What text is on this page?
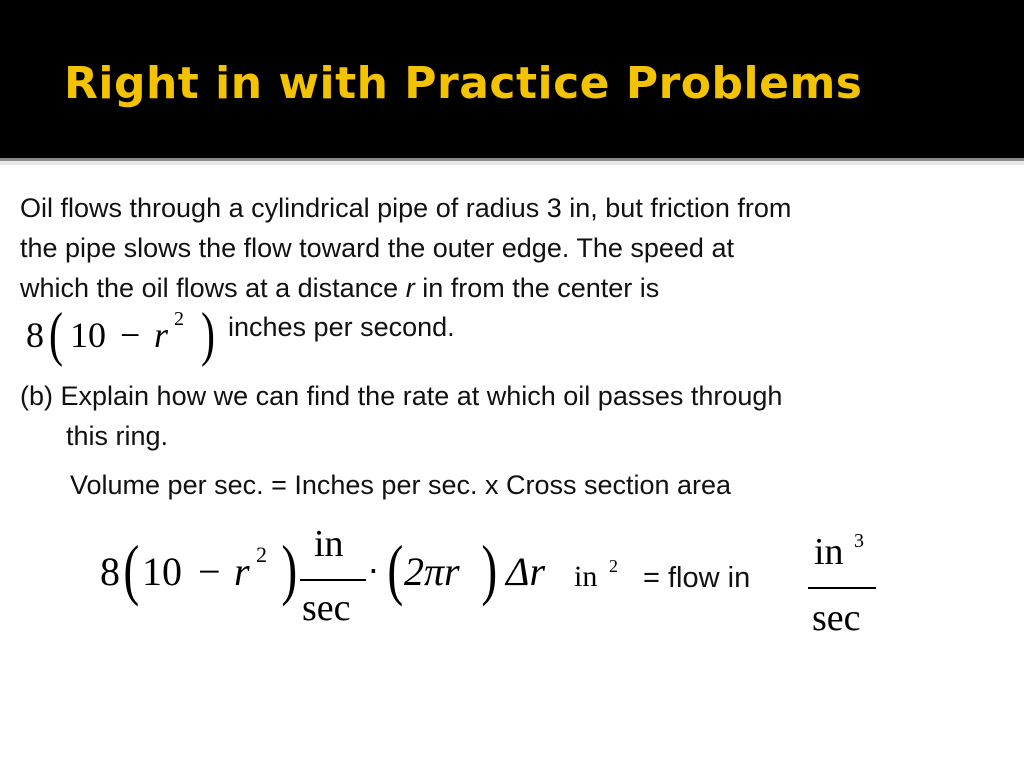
Right in with Practice Problems

Oil flows through a cylindrical pipe of radius 3 in, but friction from
the pipe slows the flow toward the outer edge. The speed at
which the oil flows at a distance r in from the center is

8 ( 10 − r 2 ) inches per second.

(b) Explain how we can find the rate at which oil passes through
this ring.

Volume per sec. = Inches per sec. x Cross section area
8 ( 10 − r 2 ) in
sec
⋅ ( 2πr ) Δr in 2	in 3
sec
= flow in
